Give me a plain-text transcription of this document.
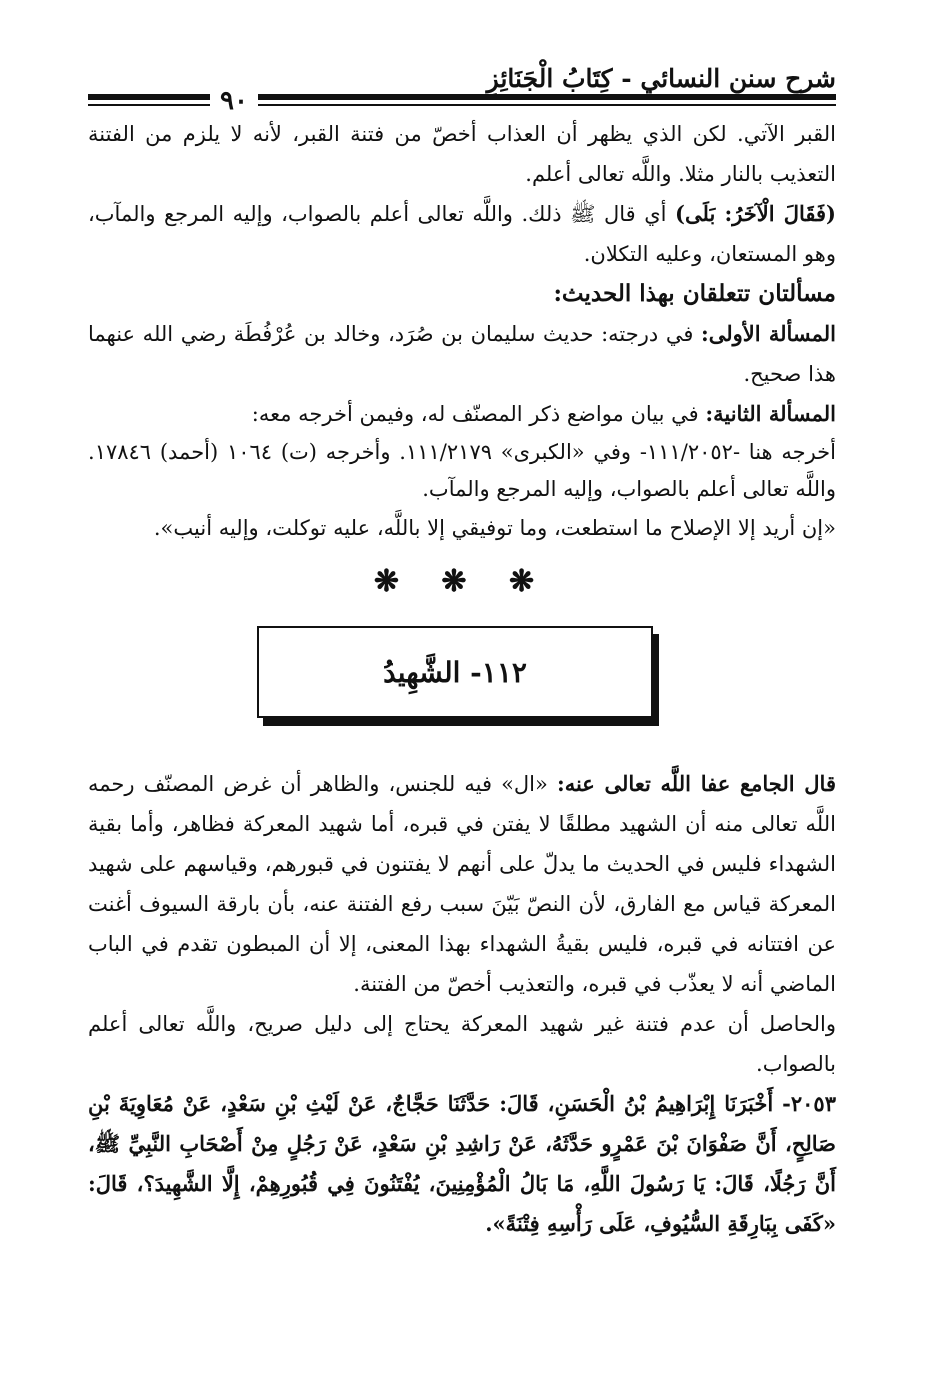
شرح سنن النسائي - كِتَابُ الْجَنَائِزِ
٩٠

القبر الآتي. لكن الذي يظهر أن العذاب أخصّ من فتنة القبر، لأنه لا يلزم من الفتنة التعذيب بالنار مثلا. واللَّه تعالى أعلم.

(فَقَالَ الْآخَرُ: بَلَى) أي قال ﷺ ذلك. واللَّه تعالى أعلم بالصواب، وإليه المرجع والمآب، وهو المستعان، وعليه التكلان.

مسألتان تتعلقان بهذا الحديث:

المسألة الأولى: في درجته: حديث سليمان بن صُرَد، وخالد بن عُرْفُطَة رضي الله عنهما هذا صحيح.

المسألة الثانية: في بيان مواضع ذكر المصنّف له، وفيمن أخرجه معه:

أخرجه هنا -١١١/٢٠٥٢- وفي «الكبرى» ١١١/٢١٧٩. وأخرجه (ت) ١٠٦٤ (أحمد) ١٧٨٤٦. واللَّه تعالى أعلم بالصواب، وإليه المرجع والمآب.

«إن أريد إلا الإصلاح ما استطعت، وما توفيقي إلا باللَّه، عليه توكلت، وإليه أنيب».

❋ ❋ ❋
١١٢- الشَّهِيدُ

قال الجامع عفا اللَّه تعالى عنه: «ال» فيه للجنس، والظاهر أن غرض المصنّف رحمه اللَّه تعالى منه أن الشهيد مطلقًا لا يفتن في قبره، أما شهيد المعركة فظاهر، وأما بقية الشهداء فليس في الحديث ما يدلّ على أنهم لا يفتنون في قبورهم، وقياسهم على شهيد المعركة قياس مع الفارق، لأن النصّ بَيّنَ سبب رفع الفتنة عنه، بأن بارقة السيوف أغنت عن افتتانه في قبره، فليس بقيةُ الشهداء بهذا المعنى، إلا أن المبطون تقدم في الباب الماضي أنه لا يعذّب في قبره، والتعذيب أخصّ من الفتنة.

والحاصل أن عدم فتنة غير شهيد المعركة يحتاج إلى دليل صريح، واللَّه تعالى أعلم بالصواب.

٢٠٥٣- أَخْبَرَنَا إِبْرَاهِيمُ بْنُ الْحَسَنِ، قَالَ: حَدَّثَنَا حَجَّاجٌ، عَنْ لَيْثِ بْنِ سَعْدٍ، عَنْ مُعَاوِيَةَ بْنِ صَالِحٍ، أَنَّ صَفْوَانَ بْنَ عَمْرٍو حَدَّثَهُ، عَنْ رَاشِدِ بْنِ سَعْدٍ، عَنْ رَجُلٍ مِنْ أَصْحَابِ النَّبِيِّ ﷺ، أَنَّ رَجُلًا، قَالَ: يَا رَسُولَ اللَّهِ، مَا بَالُ الْمُؤْمِنِينَ، يُفْتَنُونَ فِي قُبُورِهِمْ، إِلَّا الشَّهِيدَ؟، قَالَ: «كَفَى بِبَارِقَةِ السُّيُوفِ، عَلَى رَأْسِهِ فِتْنَةً».
